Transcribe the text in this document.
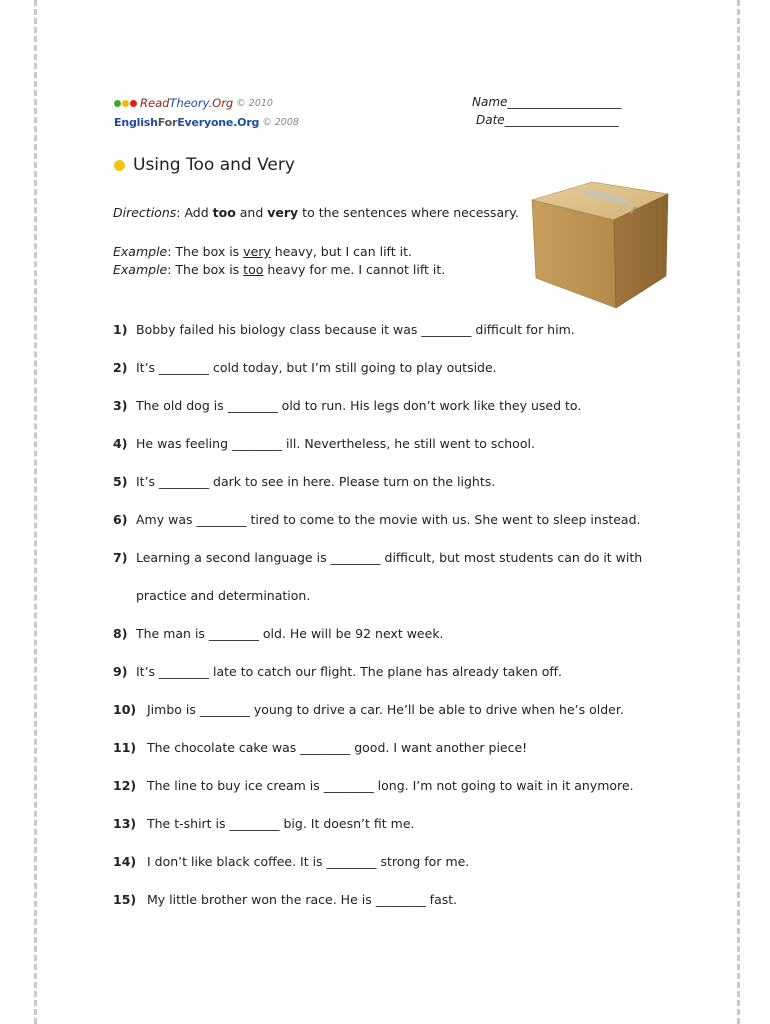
ReadTheory.Org © 2010
EnglishForEveryone.Org © 2008
Name___________________
Date___________________
Using Too and Very
Directions: Add too and very to the sentences where necessary.
Example: The box is very heavy, but I can lift it.
Example: The box is too heavy for me. I cannot lift it.
1) Bobby failed his biology class because it was ________ difficult for him.
2) It’s ________ cold today, but I’m still going to play outside.
3) The old dog is ________ old to run. His legs don’t work like they used to.
4) He was feeling ________ ill. Nevertheless, he still went to school.
5) It’s ________ dark to see in here. Please turn on the lights.
6) Amy was ________ tired to come to the movie with us. She went to sleep instead.
7) Learning a second language is ________ difficult, but most students can do it with
practice and determination.
8) The man is ________ old. He will be 92 next week.
9) It’s ________ late to catch our flight. The plane has already taken off.
10) Jimbo is ________ young to drive a car. He’ll be able to drive when he’s older.
11) The chocolate cake was ________ good. I want another piece!
12) The line to buy ice cream is ________ long. I’m not going to wait in it anymore.
13) The t-shirt is ________ big. It doesn’t fit me.
14) I don’t like black coffee. It is ________ strong for me.
15) My little brother won the race. He is ________ fast.
